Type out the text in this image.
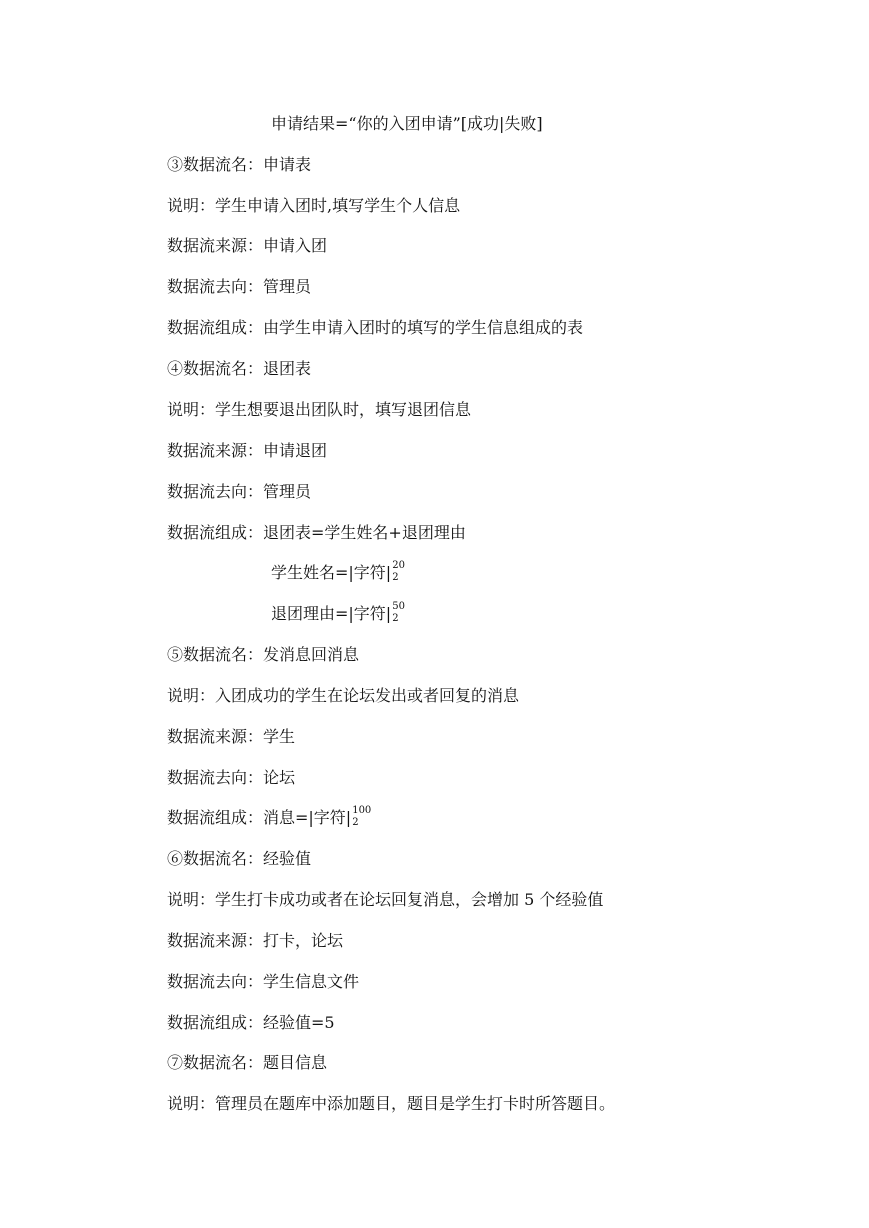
申请结果=“你的入团申请”[成功|失败]
③数据流名：申请表
说明：学生申请入团时,填写学生个人信息
数据流来源：申请入团
数据流去向：管理员
数据流组成：由学生申请入团时的填写的学生信息组成的表
④数据流名：退团表
说明：学生想要退出团队时，填写退团信息
数据流来源：申请退团
数据流去向：管理员
数据流组成：退团表=学生姓名+退团理由
学生姓名=|字符| 20
2
退团理由=|字符| 50
2
⑤数据流名：发消息回消息
说明：入团成功的学生在论坛发出或者回复的消息
数据流来源：学生
数据流去向：论坛
数据流组成：消息=|字符| 100
2
⑥数据流名：经验值
说明：学生打卡成功或者在论坛回复消息，会增加 5 个经验值
数据流来源：打卡，论坛
数据流去向：学生信息文件
数据流组成：经验值=5
⑦数据流名：题目信息
说明：管理员在题库中添加题目，题目是学生打卡时所答题目。
